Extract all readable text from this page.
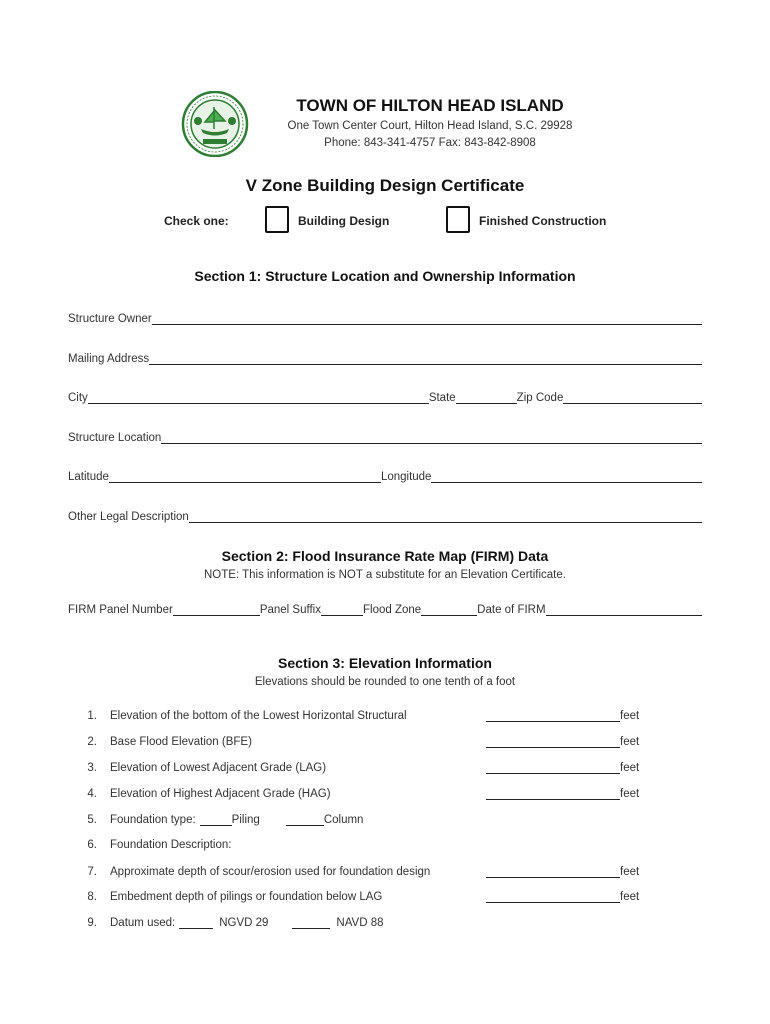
TOWN OF HILTON HEAD ISLAND
One Town Center Court, Hilton Head Island, S.C. 29928
Phone: 843-341-4757 Fax: 843-842-8908
V Zone Building Design Certificate
Check one:	Building Design	Finished Construction
Section 1: Structure Location and Ownership Information
Structure Owner
Mailing Address
City	State	Zip Code
Structure Location
Latitude	Longitude
Other Legal Description
Section 2: Flood Insurance Rate Map (FIRM) Data
NOTE: This information is NOT a substitute for an Elevation Certificate.
FIRM Panel Number	Panel Suffix	Flood Zone	Date of FIRM
Section 3: Elevation Information
Elevations should be rounded to one tenth of a foot
1.	Elevation of the bottom of the Lowest Horizontal Structural	feet
2.	Base Flood Elevation (BFE)	feet
3.	Elevation of Lowest Adjacent Grade (LAG)	feet
4.	Elevation of Highest Adjacent Grade (HAG)	feet
5.	Foundation type:	Piling	Column
6.	Foundation Description:
7.	Approximate depth of scour/erosion used for foundation design	feet
8.	Embedment depth of pilings or foundation below LAG	feet
9.	Datum used:	NGVD 29	NAVD 88
